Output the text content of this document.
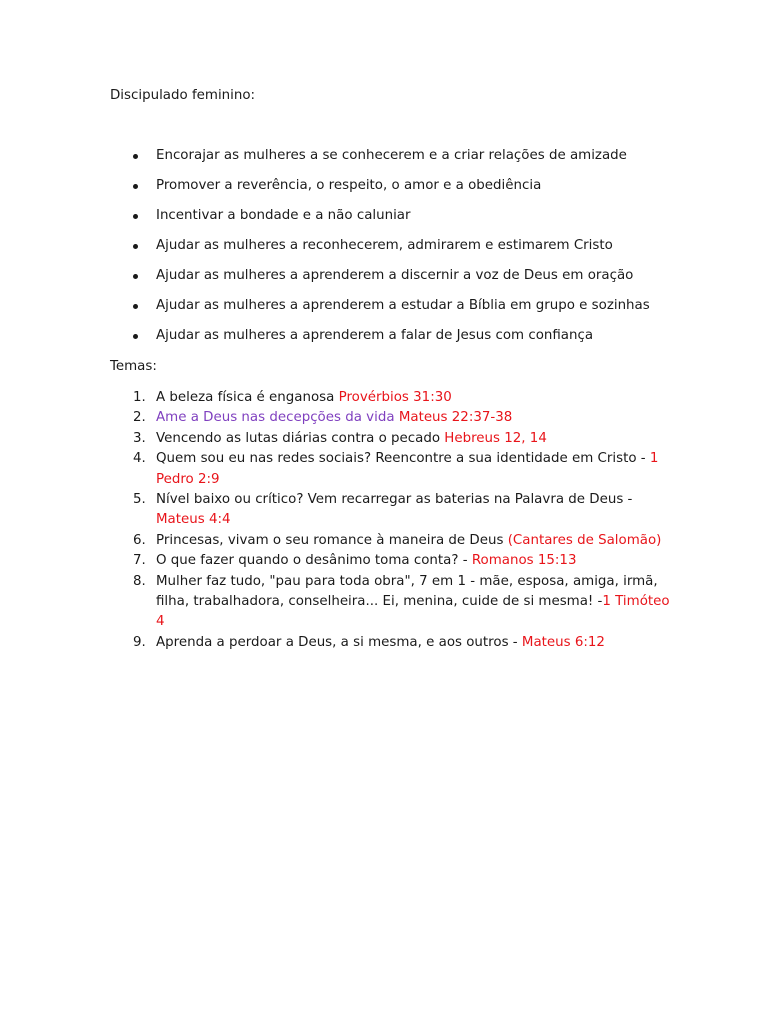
Discipulado feminino:
Encorajar as mulheres a se conhecerem e a criar relações de amizade
Promover a reverência, o respeito, o amor e a obediência
Incentivar a bondade e a não caluniar
Ajudar as mulheres a reconhecerem, admirarem e estimarem Cristo
Ajudar as mulheres a aprenderem a discernir a voz de Deus em oração
Ajudar as mulheres a aprenderem a estudar a Bíblia em grupo e sozinhas
Ajudar as mulheres a aprenderem a falar de Jesus com confiança
Temas:
1. A beleza física é enganosa Provérbios 31:30
2. Ame a Deus nas decepções da vida Mateus 22:37-38
3. Vencendo as lutas diárias contra o pecado Hebreus 12, 14
4. Quem sou eu nas redes sociais? Reencontre a sua identidade em Cristo - 1 Pedro 2:9
5. Nível baixo ou crítico? Vem recarregar as baterias na Palavra de Deus - Mateus 4:4
6. Princesas, vivam o seu romance à maneira de Deus (Cantares de Salomão)
7. O que fazer quando o desânimo toma conta? - Romanos 15:13
8. Mulher faz tudo, "pau para toda obra", 7 em 1 - mãe, esposa, amiga, irmã, filha, trabalhadora, conselheira... Ei, menina, cuide de si mesma! -1 Timóteo 4
9. Aprenda a perdoar a Deus, a si mesma, e aos outros - Mateus 6:12
